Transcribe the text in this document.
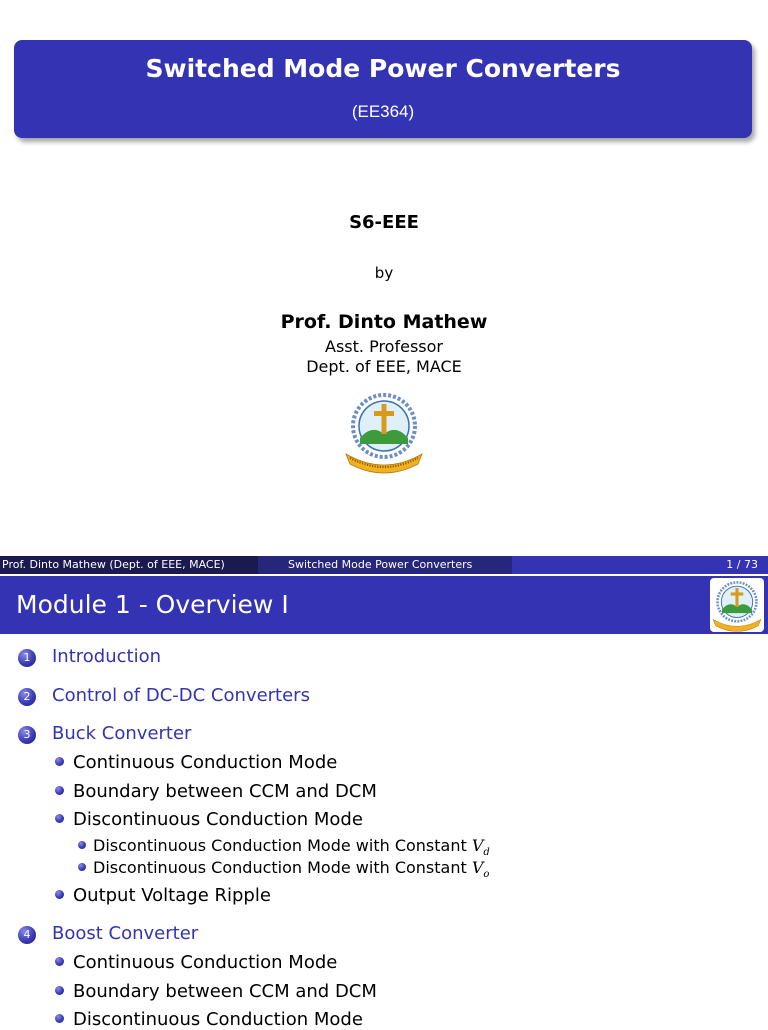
Switched Mode Power Converters
(EE364)
S6-EEE
by
Prof. Dinto Mathew
Asst. Professor
Dept. of EEE, MACE
Prof. Dinto Mathew (Dept. of EEE, MACE)	Switched Mode Power Converters	1 / 73
Module 1 - Overview I
1	Introduction
2	Control of DC-DC Converters
3	Buck Converter
Continuous Conduction Mode
Boundary between CCM and DCM
Discontinuous Conduction Mode
Discontinuous Conduction Mode with Constant $V_d$
Discontinuous Conduction Mode with Constant $V_o$
Output Voltage Ripple
4	Boost Converter
Continuous Conduction Mode
Boundary between CCM and DCM
Discontinuous Conduction Mode
